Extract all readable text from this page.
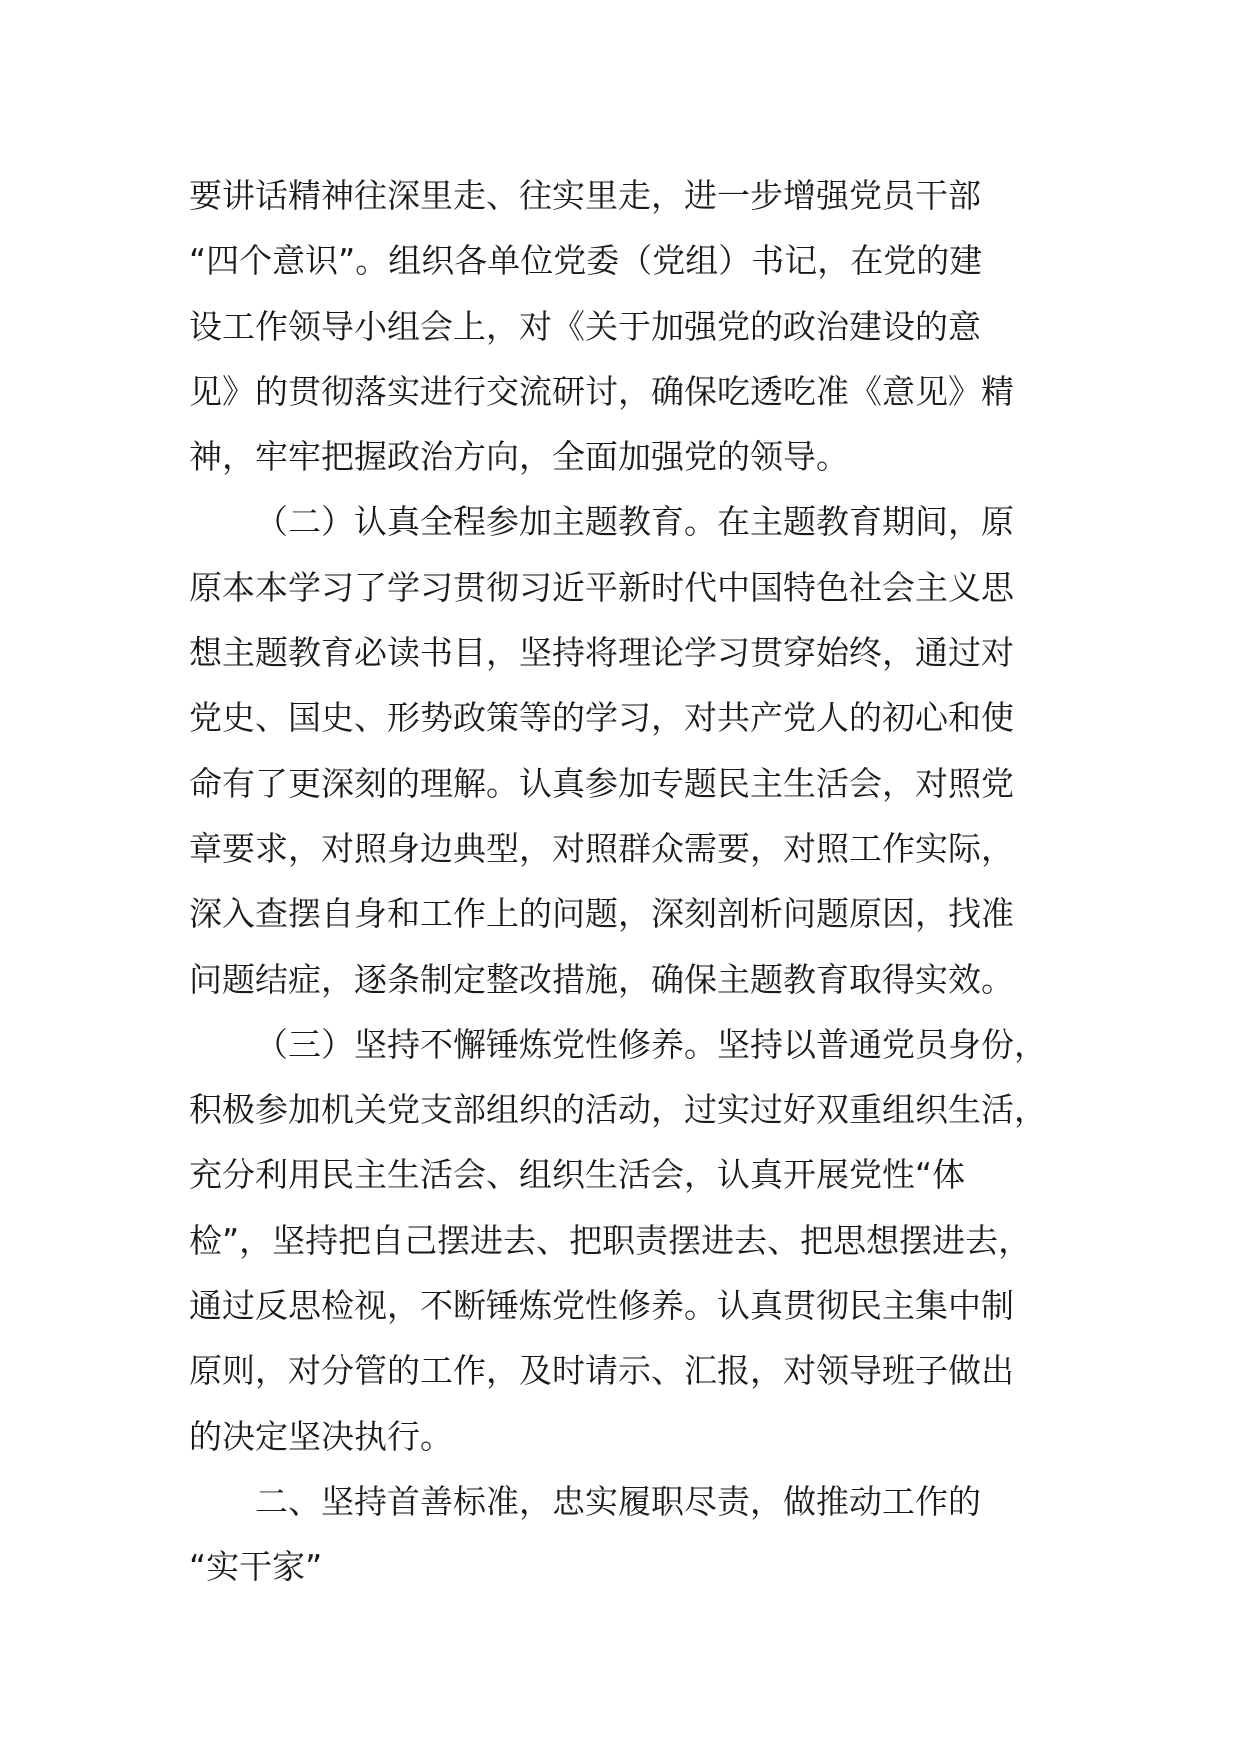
要讲话精神往深里走、往实里走，进一步增强党员干部
“四个意识”。组织各单位党委（党组）书记，在党的建
设工作领导小组会上，对《关于加强党的政治建设的意
见》的贯彻落实进行交流研讨，确保吃透吃准《意见》精
神，牢牢把握政治方向，全面加强党的领导。
（二）认真全程参加主题教育。在主题教育期间，原
原本本学习了学习贯彻习近平新时代中国特色社会主义思
想主题教育必读书目，坚持将理论学习贯穿始终，通过对
党史、国史、形势政策等的学习，对共产党人的初心和使
命有了更深刻的理解。认真参加专题民主生活会，对照党
章要求，对照身边典型，对照群众需要，对照工作实际，
深入查摆自身和工作上的问题，深刻剖析问题原因，找准
问题结症，逐条制定整改措施，确保主题教育取得实效。
（三）坚持不懈锤炼党性修养。坚持以普通党员身份，
积极参加机关党支部组织的活动，过实过好双重组织生活，
充分利用民主生活会、组织生活会，认真开展党性“体
检”，坚持把自己摆进去、把职责摆进去、把思想摆进去，
通过反思检视，不断锤炼党性修养。认真贯彻民主集中制
原则，对分管的工作，及时请示、汇报，对领导班子做出
的决定坚决执行。
二、坚持首善标准，忠实履职尽责，做推动工作的
“实干家”
